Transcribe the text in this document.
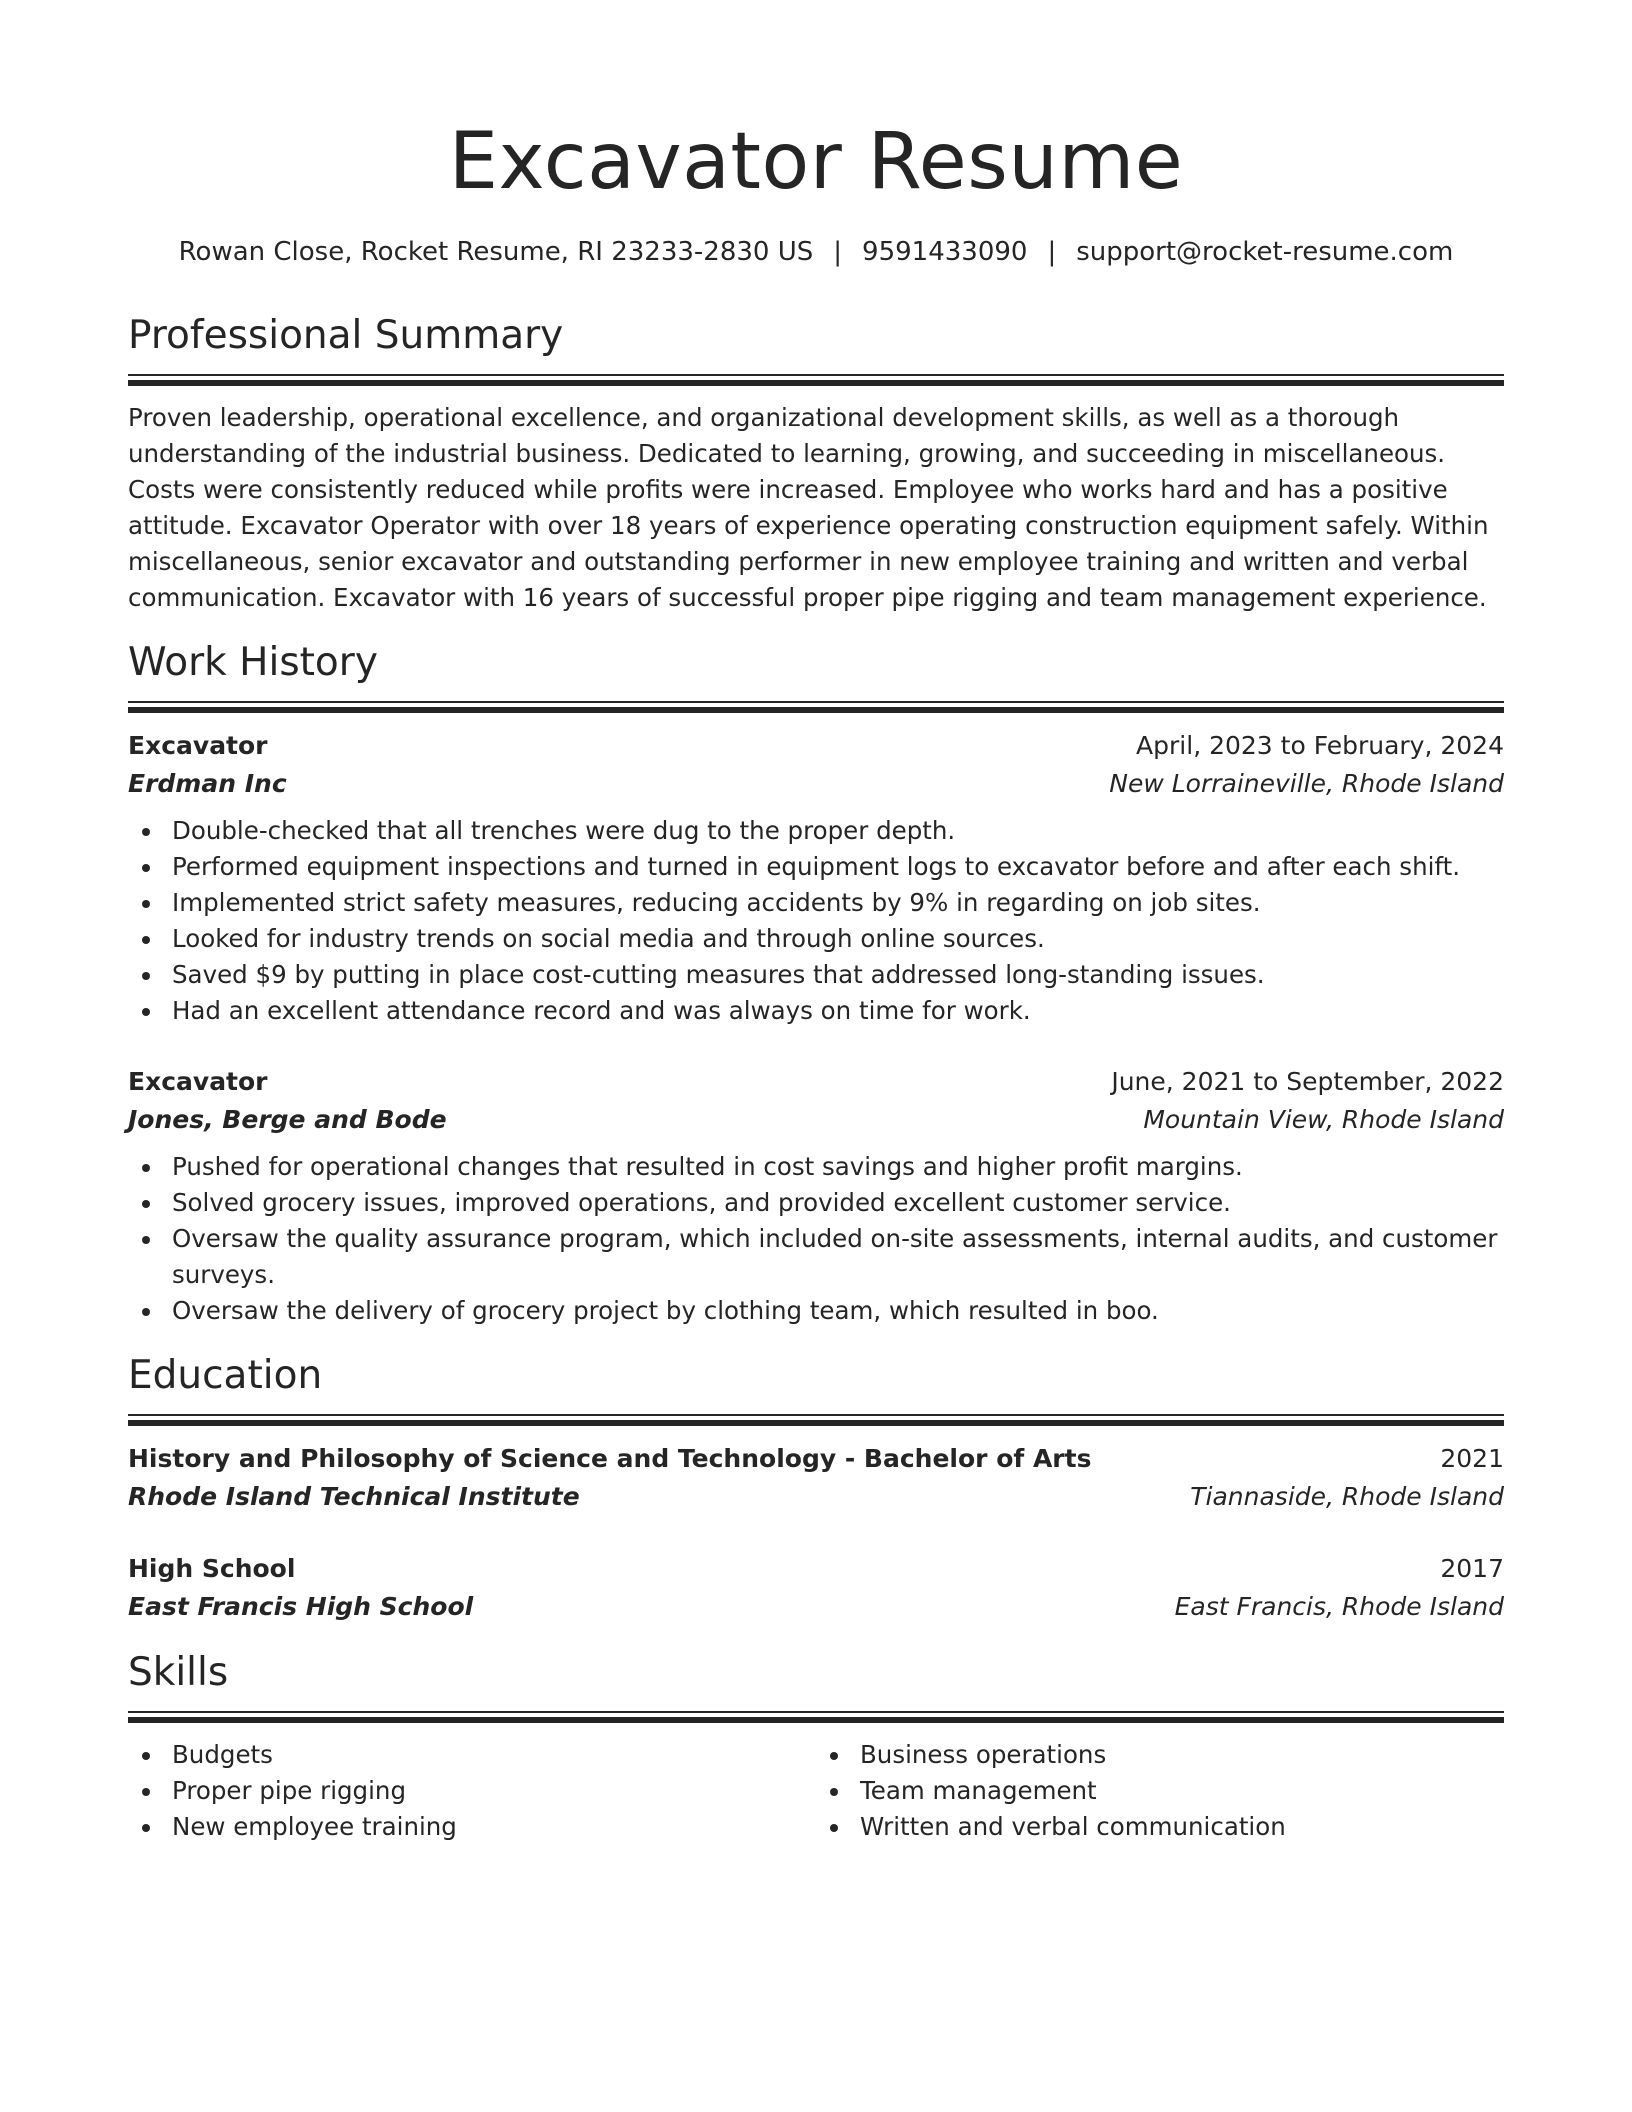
Excavator Resume
Rowan Close, Rocket Resume, RI 23233-2830 US | 9591433090 | support@rocket-resume.com
Professional Summary
Proven leadership, operational excellence, and organizational development skills, as well as a thorough understanding of the industrial business. Dedicated to learning, growing, and succeeding in miscellaneous. Costs were consistently reduced while profits were increased. Employee who works hard and has a positive attitude. Excavator Operator with over 18 years of experience operating construction equipment safely. Within miscellaneous, senior excavator and outstanding performer in new employee training and written and verbal communication. Excavator with 16 years of successful proper pipe rigging and team management experience.
Work History
Excavator	April, 2023 to February, 2024
Erdman Inc	New Lorraineville, Rhode Island
Double-checked that all trenches were dug to the proper depth.
Performed equipment inspections and turned in equipment logs to excavator before and after each shift.
Implemented strict safety measures, reducing accidents by 9% in regarding on job sites.
Looked for industry trends on social media and through online sources.
Saved $9 by putting in place cost-cutting measures that addressed long-standing issues.
Had an excellent attendance record and was always on time for work.
Excavator	June, 2021 to September, 2022
Jones, Berge and Bode	Mountain View, Rhode Island
Pushed for operational changes that resulted in cost savings and higher profit margins.
Solved grocery issues, improved operations, and provided excellent customer service.
Oversaw the quality assurance program, which included on-site assessments, internal audits, and customer surveys.
Oversaw the delivery of grocery project by clothing team, which resulted in boo.
Education
History and Philosophy of Science and Technology - Bachelor of Arts	2021
Rhode Island Technical Institute	Tiannaside, Rhode Island
High School	2017
East Francis High School	East Francis, Rhode Island
Skills
Budgets
Proper pipe rigging
New employee training
Business operations
Team management
Written and verbal communication
